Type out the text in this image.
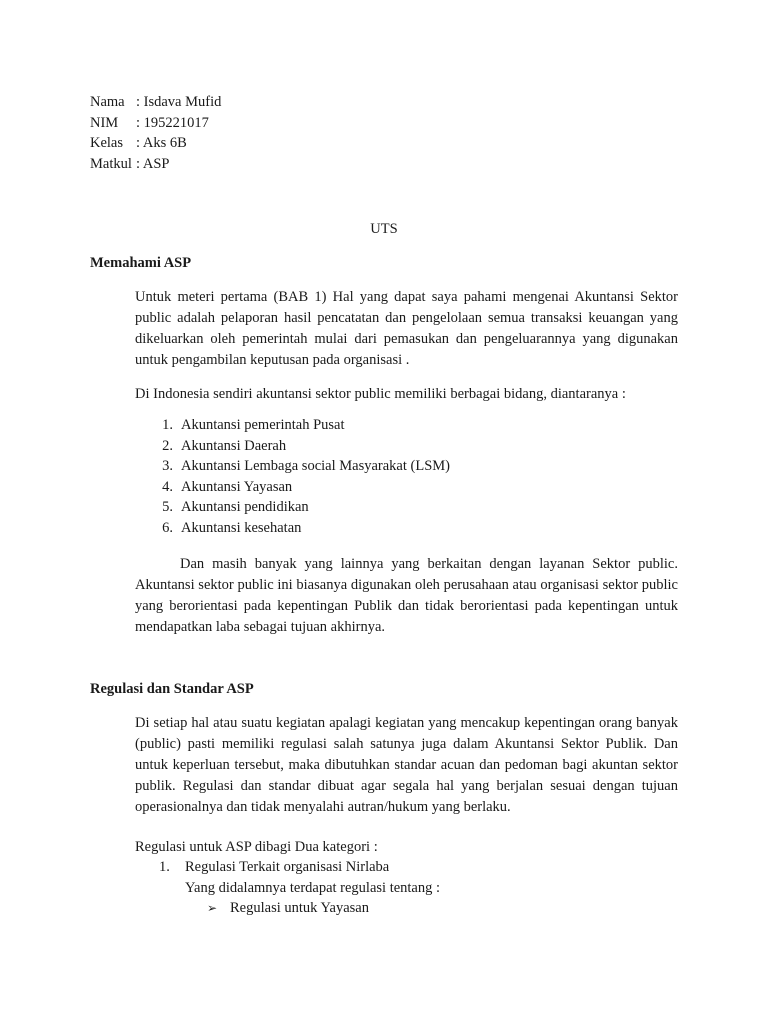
Nama : Isdava Mufid
NIM	: 195221017
Kelas : Aks 6B
Matkul : ASP
UTS
Memahami ASP

Untuk meteri pertama (BAB 1) Hal yang dapat saya pahami mengenai Akuntansi Sektor public adalah pelaporan hasil pencatatan dan pengelolaan semua transaksi keuangan yang dikeluarkan oleh pemerintah mulai dari pemasukan dan pengeluarannya yang digunakan untuk pengambilan keputusan pada organisasi .

Di Indonesia sendiri akuntansi sektor public memiliki berbagai bidang, diantaranya :

1. Akuntansi pemerintah Pusat
2. Akuntansi Daerah
3. Akuntansi Lembaga social Masyarakat (LSM)
4. Akuntansi Yayasan
5. Akuntansi pendidikan
6. Akuntansi kesehatan

Dan masih banyak yang lainnya yang berkaitan dengan layanan Sektor public. Akuntansi sektor public ini biasanya digunakan oleh perusahaan atau organisasi sektor public yang berorientasi pada kepentingan Publik dan tidak berorientasi pada kepentingan untuk mendapatkan laba sebagai tujuan akhirnya.

Regulasi dan Standar ASP

Di setiap hal atau suatu kegiatan apalagi kegiatan yang mencakup kepentingan orang banyak (public) pasti memiliki regulasi salah satunya juga dalam Akuntansi Sektor Publik. Dan untuk keperluan tersebut, maka dibutuhkan standar acuan dan pedoman bagi akuntan sektor publik. Regulasi dan standar dibuat agar segala hal yang berjalan sesuai dengan tujuan operasionalnya dan tidak menyalahi autran/hukum yang berlaku.

Regulasi untuk ASP dibagi Dua kategori :

1.	Regulasi Terkait organisasi Nirlaba
Yang didalamnya terdapat regulasi tentang :
➢ Regulasi untuk Yayasan
